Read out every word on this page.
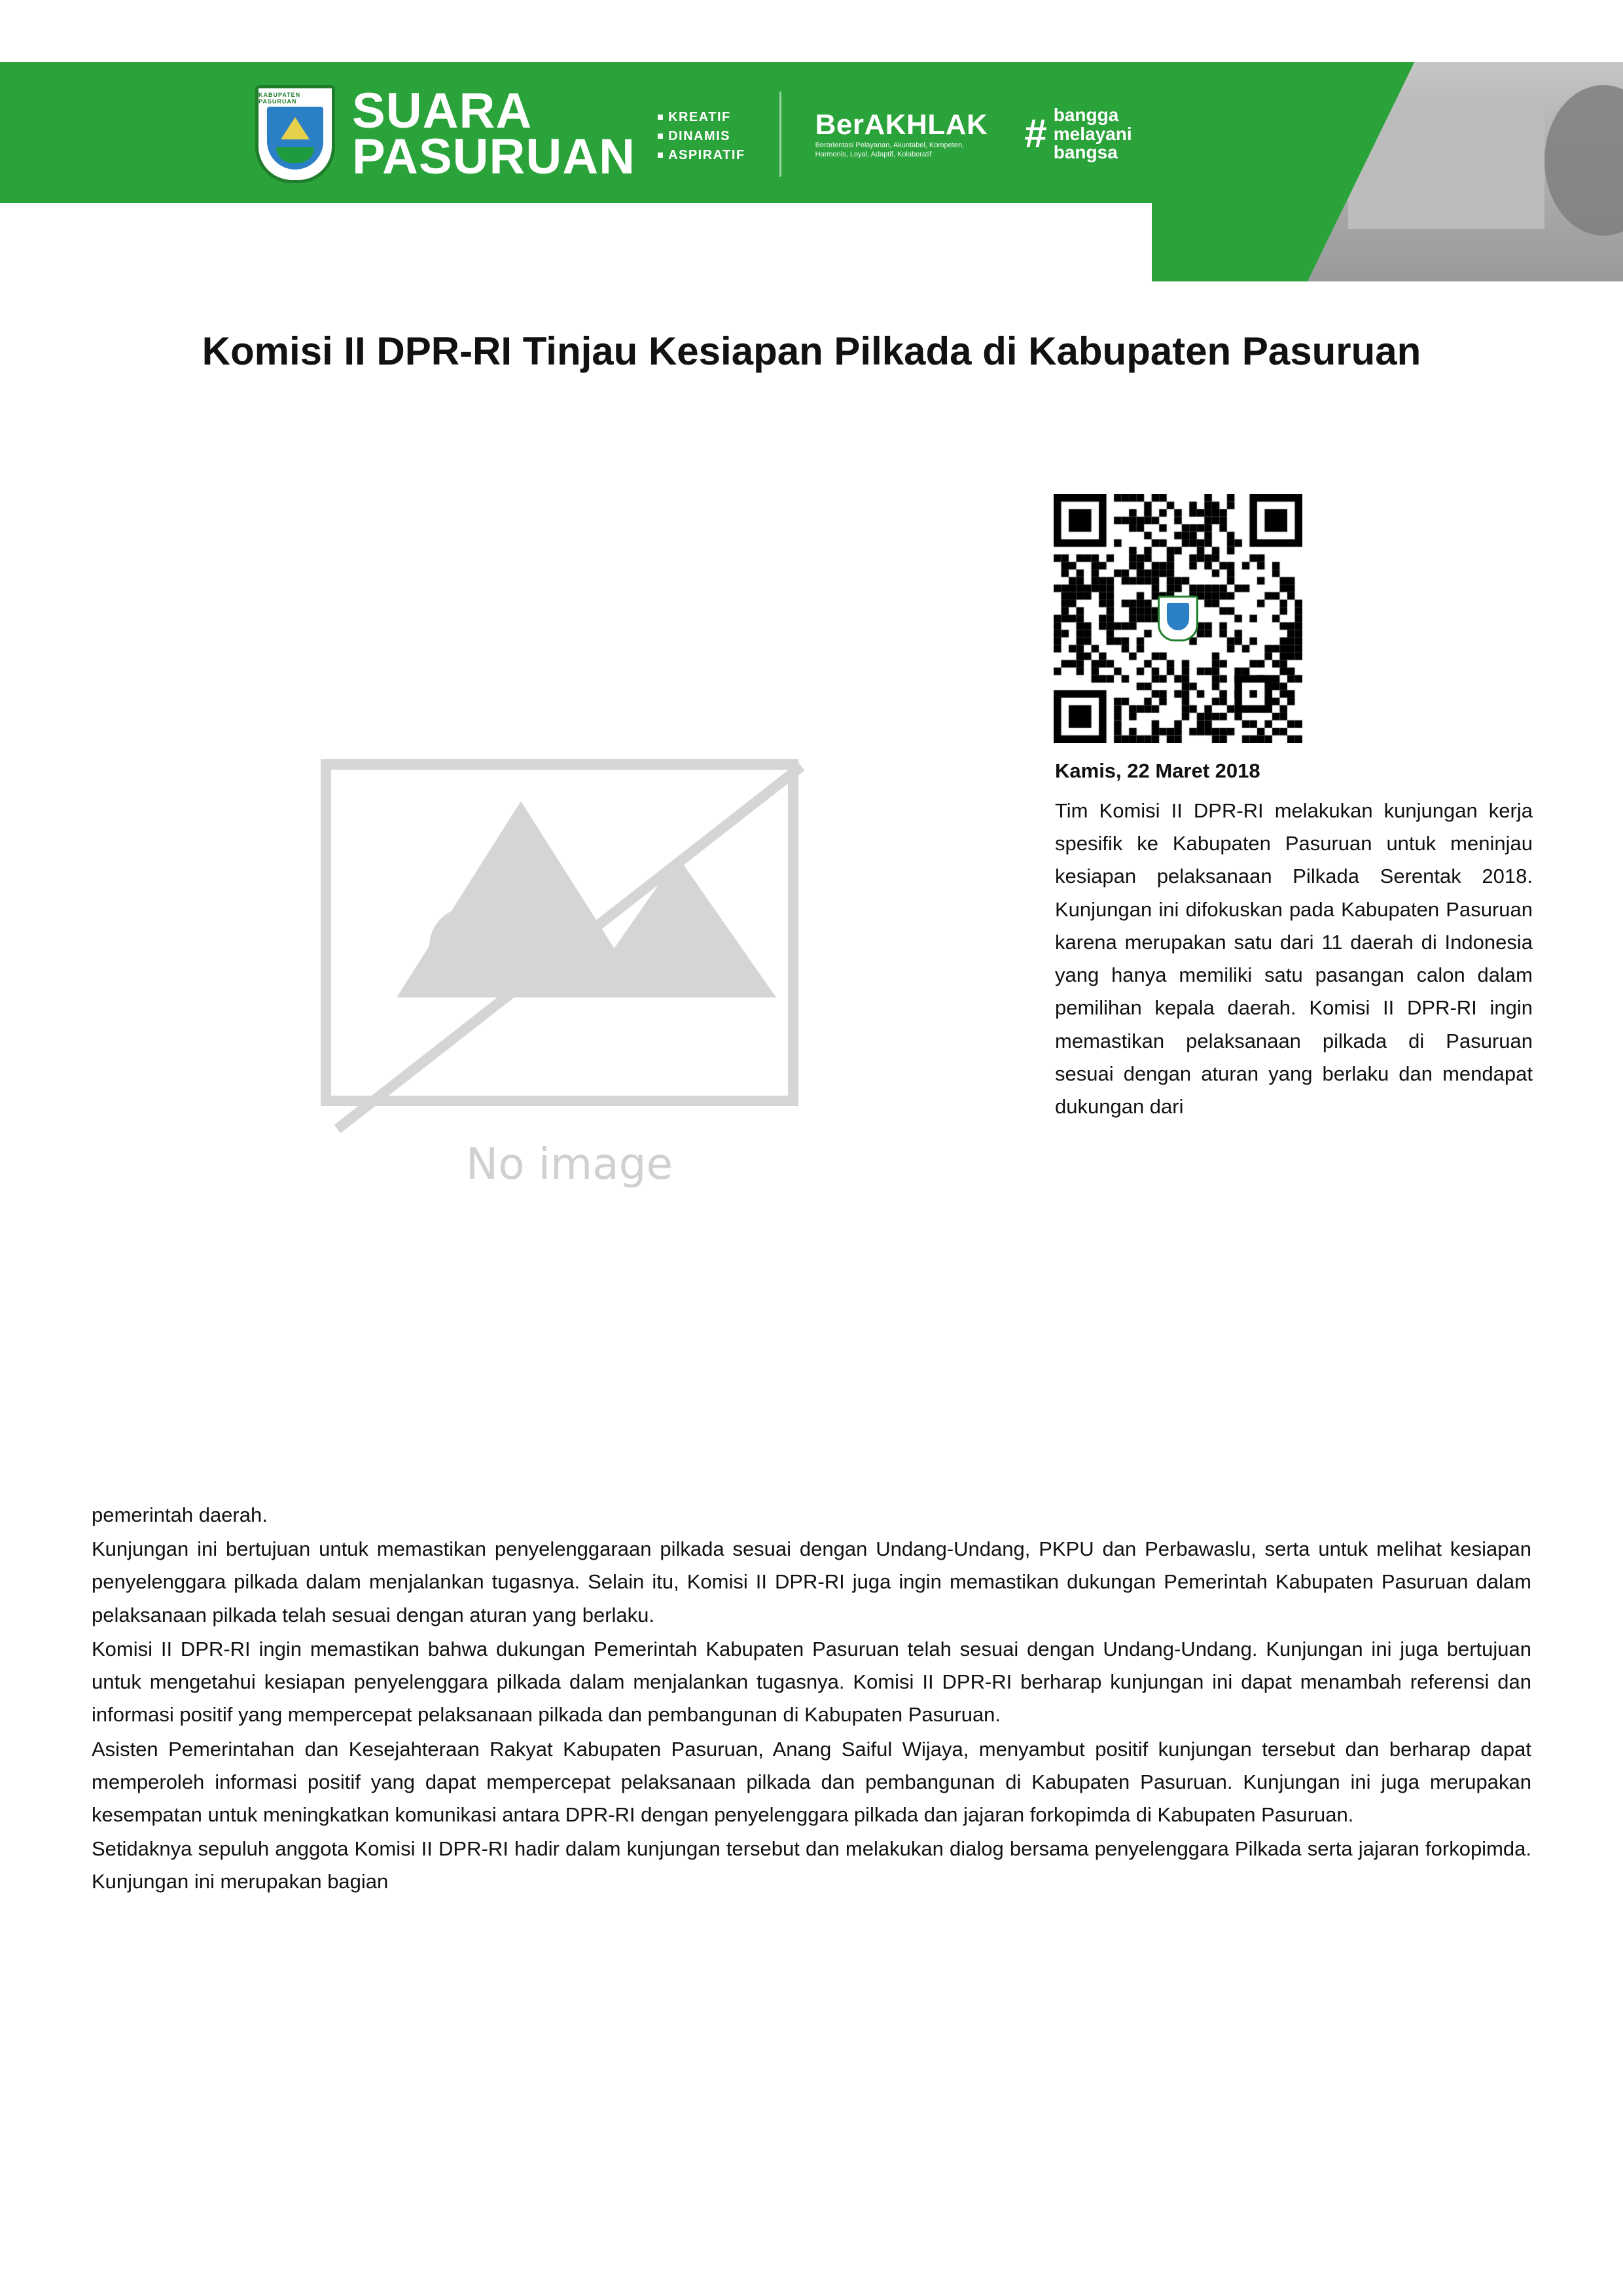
KABUPATEN PASURUAN	SUARA
PASURUAN
KREATIF
DINAMIS
ASPIRATIF
BerAKHLAK
Berorientasi Pelayanan, Akuntabel, Kompeten, Harmonis, Loyal, Adaptif, Kolaboratif	# bangga
melayani
bangsa
Komisi II DPR-RI Tinjau Kesiapan Pilkada di Kabupaten Pasuruan
No image
Kamis, 22 Maret 2018

Tim Komisi II DPR-RI melakukan kunjungan kerja spesifik ke Kabupaten Pasuruan untuk meninjau kesiapan pelaksanaan Pilkada Serentak 2018. Kunjungan ini difokuskan pada Kabupaten Pasuruan karena merupakan satu dari 11 daerah di Indonesia yang hanya memiliki satu pasangan calon dalam pemilihan kepala daerah. Komisi II DPR-RI ingin memastikan pelaksanaan pilkada di Pasuruan sesuai dengan aturan yang berlaku dan mendapat dukungan dari

pemerintah daerah.

Kunjungan ini bertujuan untuk memastikan penyelenggaraan pilkada sesuai dengan Undang-Undang, PKPU dan Perbawaslu, serta untuk melihat kesiapan penyelenggara pilkada dalam menjalankan tugasnya. Selain itu, Komisi II DPR-RI juga ingin memastikan dukungan Pemerintah Kabupaten Pasuruan dalam pelaksanaan pilkada telah sesuai dengan aturan yang berlaku.

Komisi II DPR-RI ingin memastikan bahwa dukungan Pemerintah Kabupaten Pasuruan telah sesuai dengan Undang-Undang. Kunjungan ini juga bertujuan untuk mengetahui kesiapan penyelenggara pilkada dalam menjalankan tugasnya. Komisi II DPR-RI berharap kunjungan ini dapat menambah referensi dan informasi positif yang mempercepat pelaksanaan pilkada dan pembangunan di Kabupaten Pasuruan.

Asisten Pemerintahan dan Kesejahteraan Rakyat Kabupaten Pasuruan, Anang Saiful Wijaya, menyambut positif kunjungan tersebut dan berharap dapat memperoleh informasi positif yang dapat mempercepat pelaksanaan pilkada dan pembangunan di Kabupaten Pasuruan. Kunjungan ini juga merupakan kesempatan untuk meningkatkan komunikasi antara DPR-RI dengan penyelenggara pilkada dan jajaran forkopimda di Kabupaten Pasuruan.

Setidaknya sepuluh anggota Komisi II DPR-RI hadir dalam kunjungan tersebut dan melakukan dialog bersama penyelenggara Pilkada serta jajaran forkopimda. Kunjungan ini merupakan bagian
